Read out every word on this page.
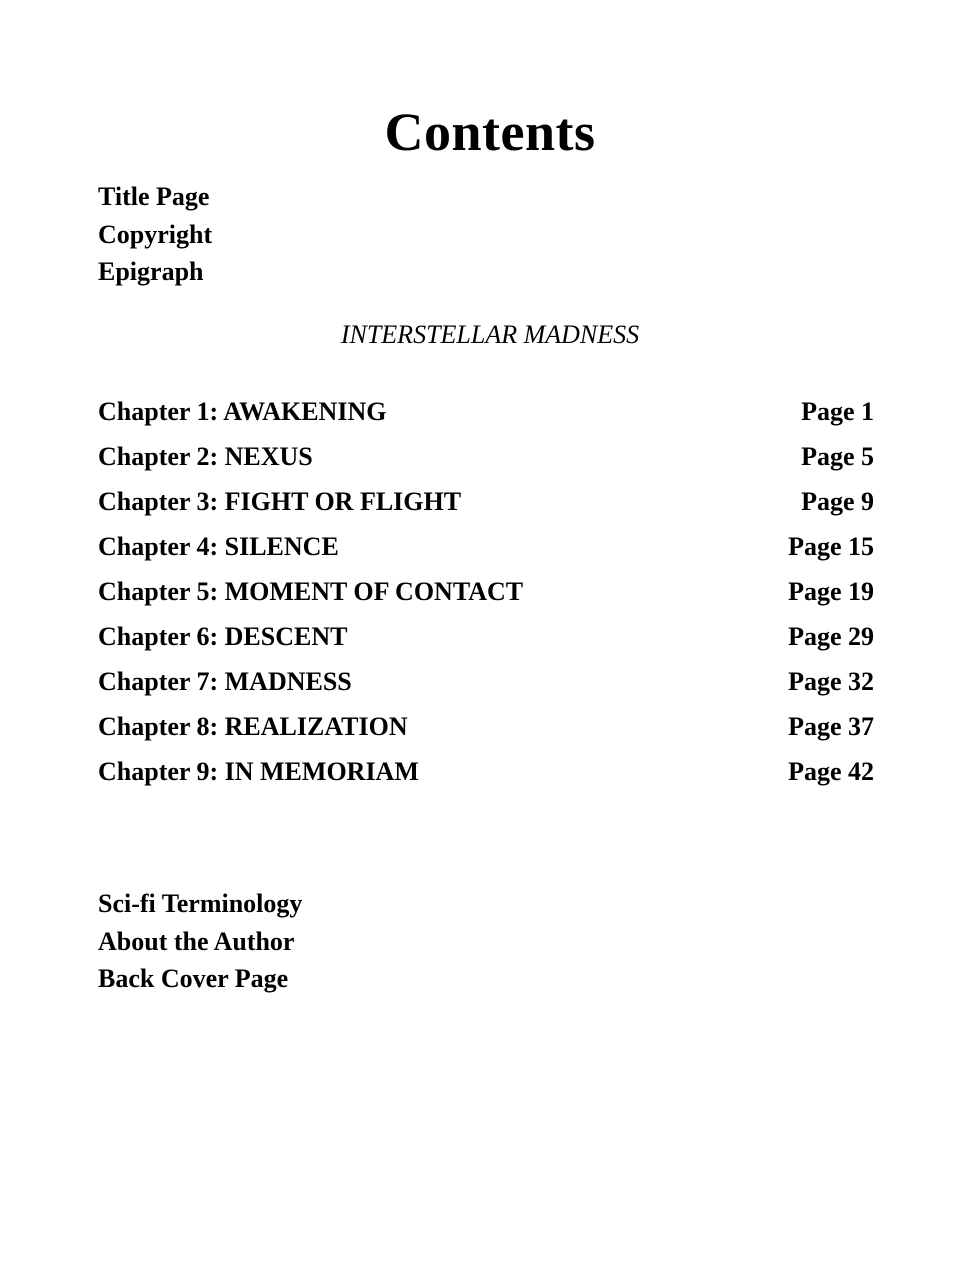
Contents
Title Page
Copyright
Epigraph
INTERSTELLAR MADNESS
Chapter 1: AWAKENING	Page 1
Chapter 2: NEXUS	Page 5
Chapter 3: FIGHT OR FLIGHT	Page 9
Chapter 4: SILENCE	Page 15
Chapter 5: MOMENT OF CONTACT	Page 19
Chapter 6: DESCENT	Page 29
Chapter 7: MADNESS	Page 32
Chapter 8: REALIZATION	Page 37
Chapter 9: IN MEMORIAM	Page 42
Sci-fi Terminology
About the Author
Back Cover Page
